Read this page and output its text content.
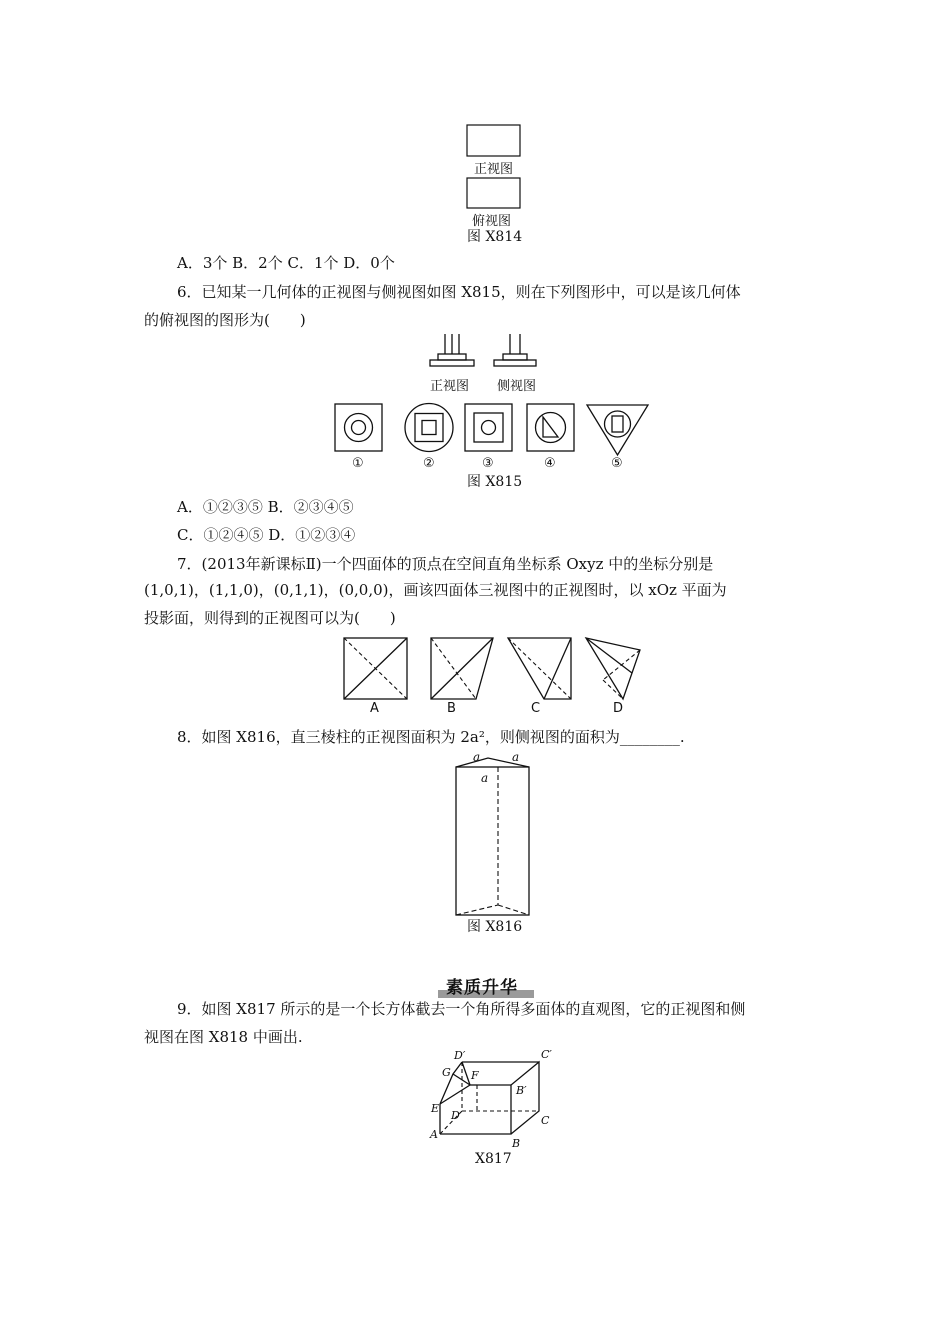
正视图
俯视图
图 X814
A．3个 B．2个 C．1个 D．0个
6．已知某一几何体的正视图与侧视图如图 X815，则在下列图形中，可以是该几何体
的俯视图的图形为(　　)
正视图 侧视图
①	②	③	④	⑤
图 X815
A．①②③⑤ B．②③④⑤
C．①②④⑤ D．①②③④
7．(2013年新课标Ⅱ)一个四面体的顶点在空间直角坐标系 Oxyz 中的坐标分别是
(1,0,1)，(1,1,0)，(0,1,1)，(0,0,0)，画该四面体三视图中的正视图时，以 xOz 平面为
投影面，则得到的正视图可以为(　　)
A	B	C	D
8．如图 X816，直三棱柱的正视图面积为 2a²，则侧视图的面积为________.
a	a
a
图 X816
素质升华
9．如图 X817 所示的是一个长方体截去一个角所得多面体的直观图，它的正视图和侧
视图在图 X818 中画出.
D′	C′
G F
B′
E
D	C
A
B
X817
